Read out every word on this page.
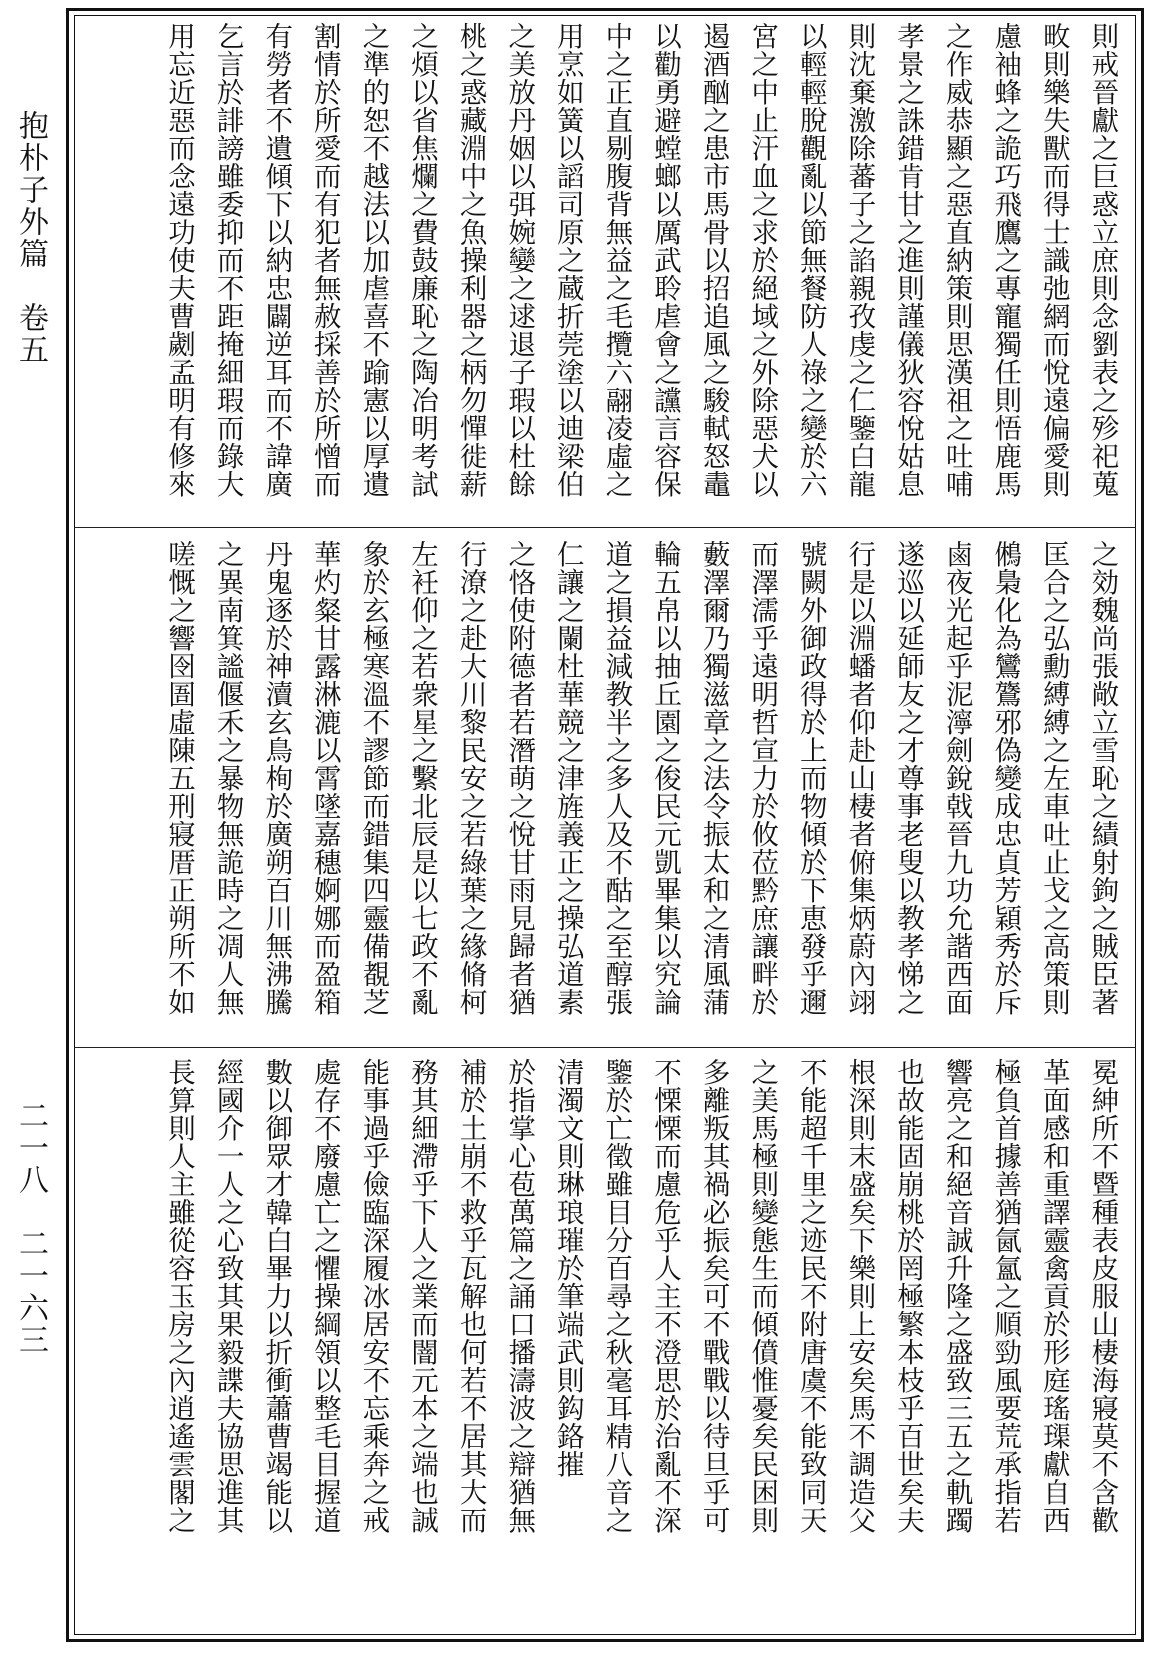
抱朴子外篇　卷五
二一八　二一六三
則戒晉獻之巨惑立庶則念劉表之殄祀蒐
畋則樂失獸而得士識弛網而悅遠偏愛則
慮袖蜂之詭巧飛鷹之專寵獨任則悟鹿馬
之作威恭顯之惡直納策則思漢祖之吐哺
孝景之誅錯肯甘之進則謹儀狄容悅姑息
則沈棄激除蕃子之諂親孜虔之仁鑒白龍
以輕輕脫觀亂以節無餐防人祿之變於六
宮之中止汗血之求於絕域之外除惡犬以
遏酒酗之患市馬骨以招追風之駿軾怒鼃
以勸勇避螳螂以厲武聆虐會之讜言容保
中之正直剔腹背無益之毛攬六翮凌虛之
用烹如簧以謟司原之蔵折莞塗以迪梁伯
之美放丹姻以弭婉孌之逑退子瑕以杜餘
桃之惑藏淵中之魚操利器之柄勿憚徙薪
之煩以省焦爛之費鼓廉恥之陶冶明考試
之準的恕不越法以加虐喜不踰憲以厚遺
割情於所愛而有犯者無赦採善於所憎而
有勞者不遺傾下以納忠闢逆耳而不諱廣
乞言於誹謗雖委抑而不距掩細瑕而錄大
用忘近惡而念遠功使夫曹劌孟明有修來
之効魏尚張敞立雪恥之績射鉤之賊臣著
匡合之弘勳縛縛之左車吐止戈之高策則
鵂梟化為鸞鷟邪偽變成忠貞芳穎秀於斥
鹵夜光起乎泥濘劍銳戟晉九功允諧西面
遂巡以延師友之才尊事老叟以教孝悌之
行是以淵蟠者仰赴山棲者俯集炳蔚內翊
號闕外御政得於上而物傾於下恵發乎邇
而澤濡乎遠明哲宣力於攸莅黔庶讓畔於
藪澤爾乃獨滋章之法令振太和之清風蒲
輪五帛以抽丘園之俊民元凱畢集以究論
道之損益減教半之多人及不酤之至醇張
仁讓之闌杜華競之津旌義正之操弘道素
之恪使附德者若潛萌之悅甘雨見歸者猶
行潦之赴大川黎民安之若綠葉之緣脩柯
左衽仰之若衆星之繫北辰是以七政不亂
象於玄極寒溫不謬節而錯集四靈備覩芝
華灼粲甘露淋漉以霄墜嘉穗婀娜而盈箱
丹鬼逐於神瀆玄鳥栒於廣朔百川無沸騰
之異南箕謐偃禾之暴物無詭時之凋人無
嗟慨之響囹圄虛陳五刑寢厝正朔所不如
冕紳所不暨種表皮服山棲海寢莫不含歡
革面感和重譯靈禽貢於形庭瑤璖獻自西
極負首據善猶氤氳之順勁風要荒承指若
響亮之和絕音誠升隆之盛致三五之軌躅
也故能固崩桃於罔極繁本枝乎百世矣夫
根深則末盛矣下樂則上安矣馬不調造父
不能超千里之迹民不附唐虞不能致同天
之美馬極則變態生而傾僨惟憂矣民困則
多離叛其禍必振矣可不戰戰以待旦乎可
不慄慄而慮危乎人主不澄思於治亂不深
鑒於亡徵雖目分百尋之秋毫耳精八音之
清濁文則琳琅璀於筆端武則鈎鉻摧
於指掌心苞萬篇之誦口播濤波之辯猶無
補於土崩不救乎瓦解也何若不居其大而
務其細滯乎下人之業而闇元本之端也誠
能事過乎儉臨深履冰居安不忘乘奔之戒
處存不廢慮亡之懼操綱領以整毛目握道
數以御眾才韓白畢力以折衝蕭曹竭能以
經國介一人之心致其果毅諜夫協思進其
長算則人主雖從容玉房之內逍遙雲閣之
